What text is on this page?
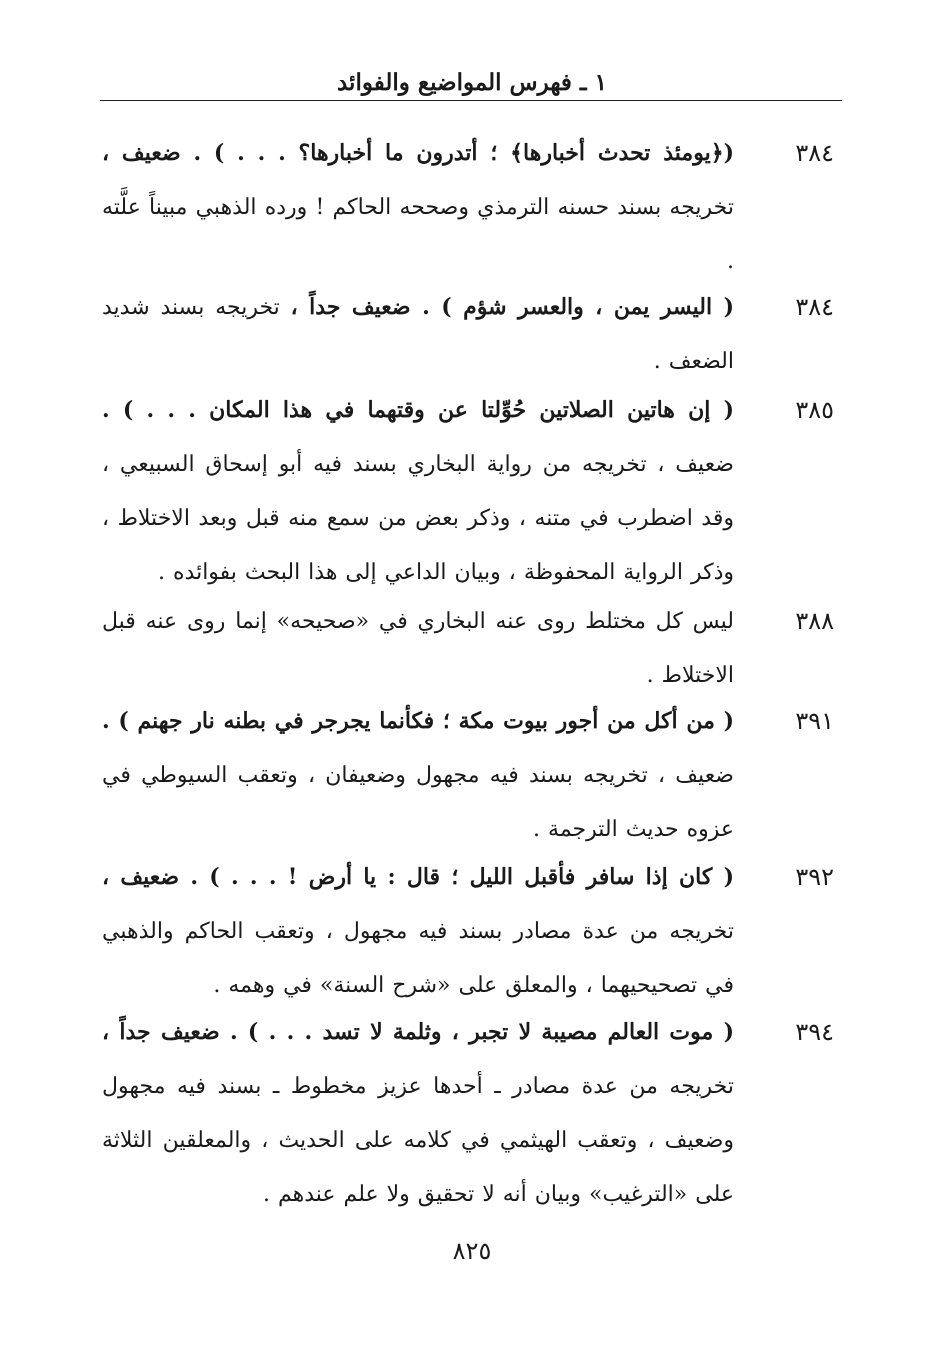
١ ـ فهرس المواضيع والفوائد
٣٨٤
(﴿يومئذ تحدث أخبارها﴾ ؛ أتدرون ما أخبارها؟ . . . ) . ضعيف ، تخريجه بسند حسنه الترمذي وصححه الحاكم ! ورده الذهبي مبيناً علَّته .
٣٨٤
( اليسر يمن ، والعسر شؤم ) . ضعيف جداً ، تخريجه بسند شديد الضعف .
٣٨٥
( إن هاتين الصلاتين حُوِّلتا عن وقتهما في هذا المكان . . . ) . ضعيف ، تخريجه من رواية البخاري بسند فيه أبو إسحاق السبيعي ، وقد اضطرب في متنه ، وذكر بعض من سمع منه قبل وبعد الاختلاط ، وذكر الرواية المحفوظة ، وبيان الداعي إلى هذا البحث بفوائده .
٣٨٨
ليس كل مختلط روى عنه البخاري في «صحيحه» إنما روى عنه قبل الاختلاط .
٣٩١
( من أكل من أجور بيوت مكة ؛ فكأنما يجرجر في بطنه نار جهنم ) . ضعيف ، تخريجه بسند فيه مجهول وضعيفان ، وتعقب السيوطي في عزوه حديث الترجمة .
٣٩٢
( كان إذا سافر فأقبل الليل ؛ قال : يا أرض ! . . . ) . ضعيف ، تخريجه من عدة مصادر بسند فيه مجهول ، وتعقب الحاكم والذهبي في تصحيحيهما ، والمعلق على «شرح السنة» في وهمه .
٣٩٤
( موت العالم مصيبة لا تجبر ، وثلمة لا تسد . . . ) . ضعيف جداً ، تخريجه من عدة مصادر ـ أحدها عزيز مخطوط ـ بسند فيه مجهول وضعيف ، وتعقب الهيثمي في كلامه على الحديث ، والمعلقين الثلاثة على «الترغيب» وبيان أنه لا تحقيق ولا علم عندهم .
٨٢٥
